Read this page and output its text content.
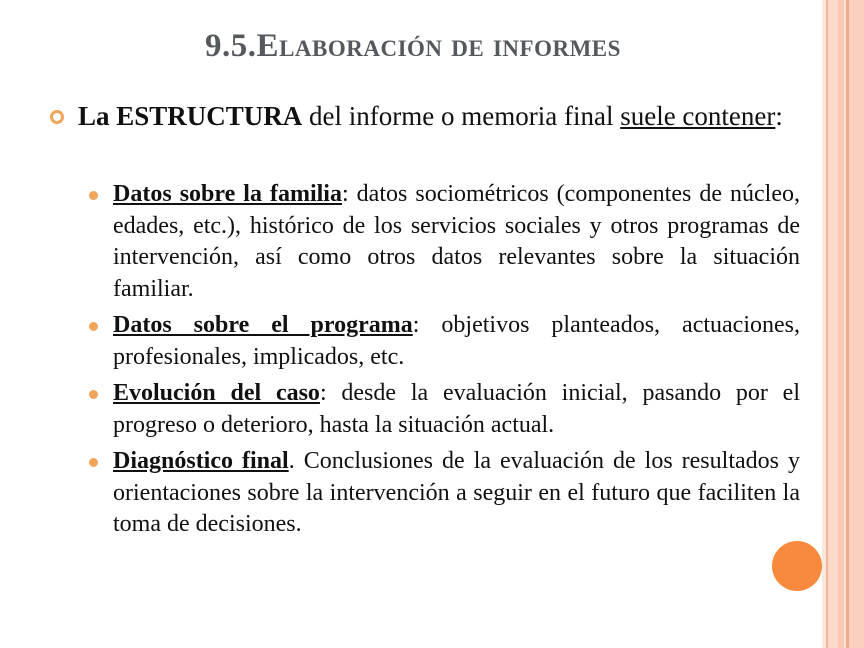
9.5.Elaboración de informes
La ESTRUCTURA del informe o memoria final suele contener:
Datos sobre la familia: datos sociométricos (componentes de núcleo, edades, etc.), histórico de los servicios sociales y otros programas de intervención, así como otros datos relevantes sobre la situación familiar.
Datos sobre el programa: objetivos planteados, actuaciones, profesionales, implicados, etc.
Evolución del caso: desde la evaluación inicial, pasando por el progreso o deterioro, hasta la situación actual.
Diagnóstico final. Conclusiones de la evaluación de los resultados y orientaciones sobre la intervención a seguir en el futuro que faciliten la toma de decisiones.
